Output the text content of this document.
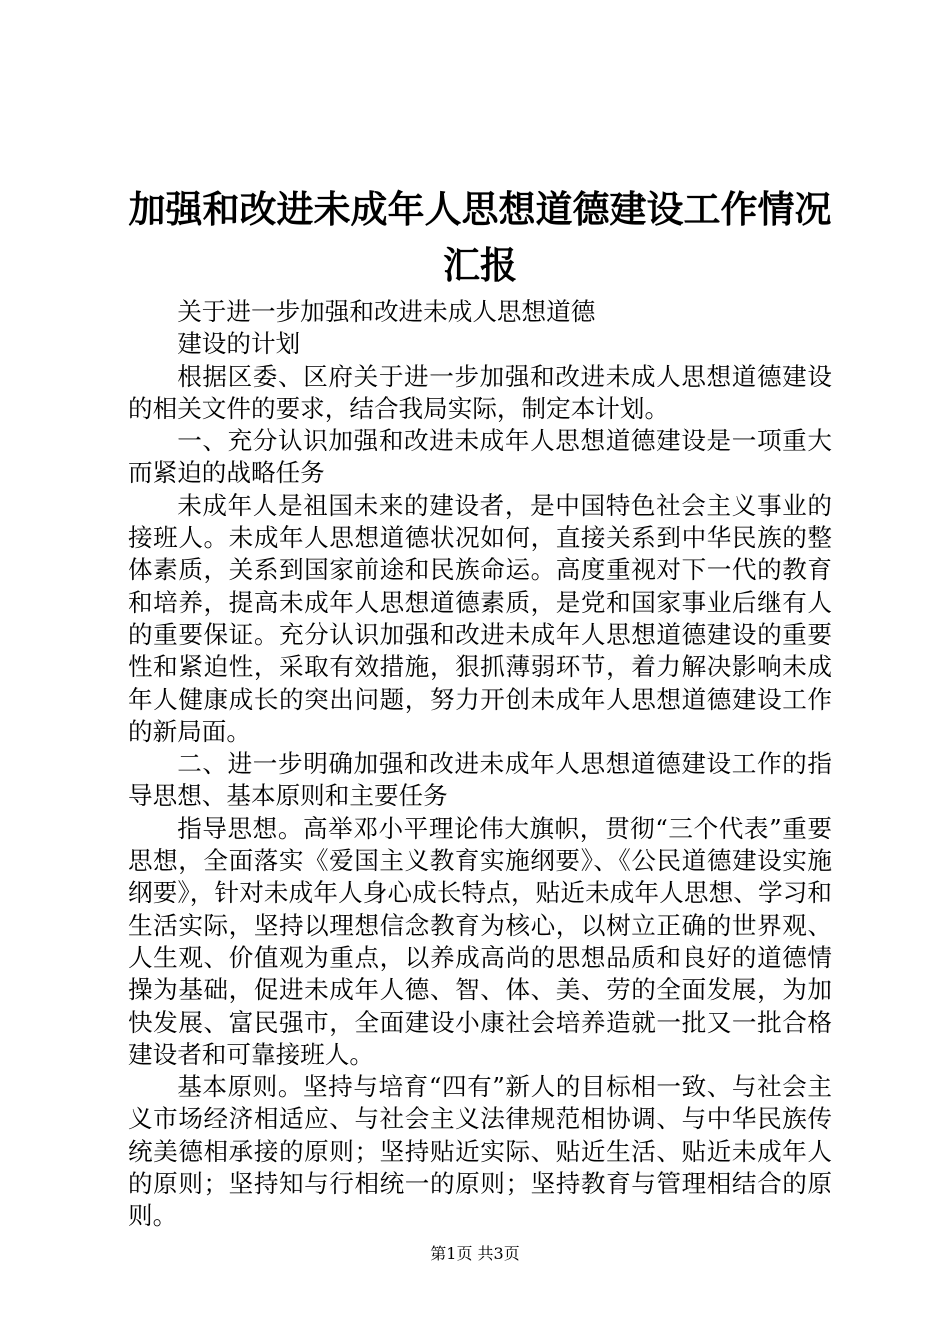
加强和改进未成年人思想道德建设工作情况汇报

关于进一步加强和改进未成人思想道德

建设的计划

根据区委、区府关于进一步加强和改进未成人思想道德建设的相关文件的要求，结合我局实际，制定本计划。

一、充分认识加强和改进未成年人思想道德建设是一项重大而紧迫的战略任务

未成年人是祖国未来的建设者，是中国特色社会主义事业的接班人。未成年人思想道德状况如何，直接关系到中华民族的整体素质，关系到国家前途和民族命运。高度重视对下一代的教育和培养，提高未成年人思想道德素质，是党和国家事业后继有人的重要保证。充分认识加强和改进未成年人思想道德建设的重要性和紧迫性，采取有效措施，狠抓薄弱环节，着力解决影响未成年人健康成长的突出问题，努力开创未成年人思想道德建设工作的新局面。

二、进一步明确加强和改进未成年人思想道德建设工作的指导思想、基本原则和主要任务

指导思想。高举邓小平理论伟大旗帜，贯彻“三个代表”重要思想，全面落实《爱国主义教育实施纲要》、《公民道德建设实施纲要》，针对未成年人身心成长特点，贴近未成年人思想、学习和生活实际，坚持以理想信念教育为核心，以树立正确的世界观、人生观、价值观为重点，以养成高尚的思想品质和良好的道德情操为基础，促进未成年人德、智、体、美、劳的全面发展，为加快发展、富民强市，全面建设小康社会培养造就一批又一批合格建设者和可靠接班人。

基本原则。坚持与培育“四有”新人的目标相一致、与社会主义市场经济相适应、与社会主义法律规范相协调、与中华民族传统美德相承接的原则；坚持贴近实际、贴近生活、贴近未成年人的原则；坚持知与行相统一的原则；坚持教育与管理相结合的原则。

第1页 共3页
